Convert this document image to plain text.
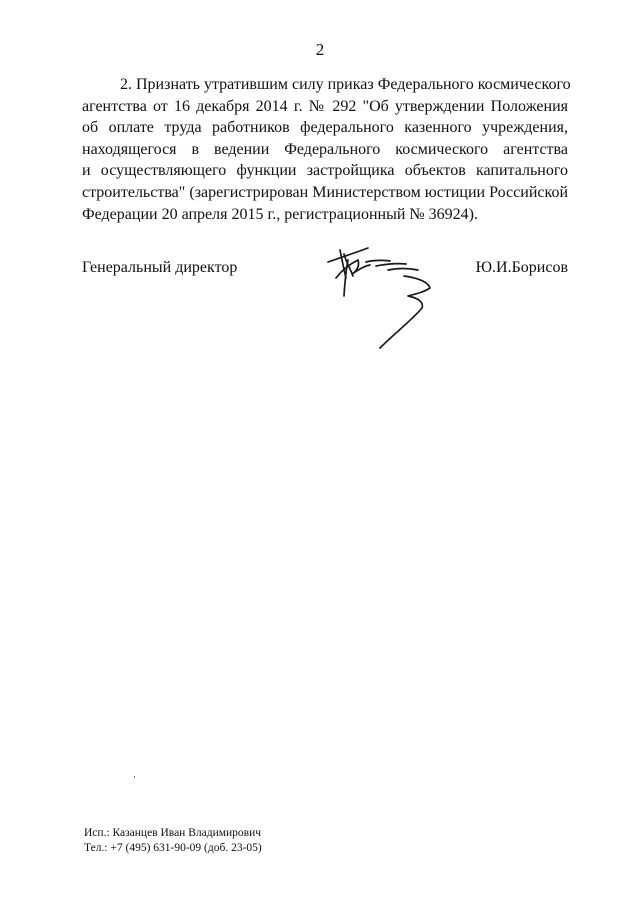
2

2. Признать утратившим силу приказ Федерального космического
агентства от 16 декабря 2014 г. № 292 "Об утверждении Положения
об оплате труда работников федерального казенного учреждения,
находящегося в ведении Федерального космического агентства
и осуществляющего функции застройщика объектов капитального
строительства" (зарегистрирован Министерством юстиции Российской
Федерации 20 апреля 2015 г., регистрационный № 36924).

Генеральный директор	Ю.И.Борисов
Исп.: Казанцев Иван Владимирович
Тел.: +7 (495) 631-90-09 (доб. 23-05)
